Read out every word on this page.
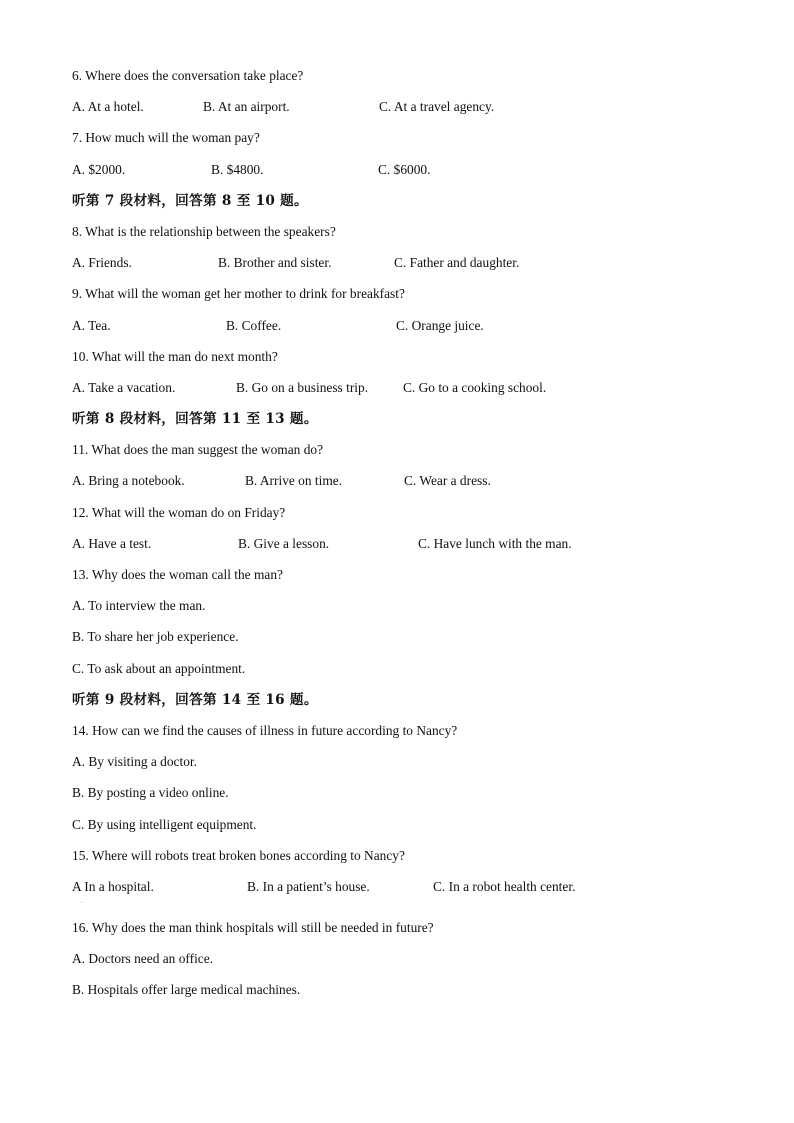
6. Where does the conversation take place?
A. At a hotel.	B. At an airport.	C. At a travel agency.
7. How much will the woman pay?
A. $2000.	B. $4800.	C. $6000.
听第 7 段材料，回答第 8 至 10 题。
8. What is the relationship between the speakers?
A. Friends.	B. Brother and sister.	C. Father and daughter.
9. What will the woman get her mother to drink for breakfast?
A. Tea.	B. Coffee.	C. Orange juice.
10. What will the man do next month?
A. Take a vacation.	B. Go on a business trip.	C. Go to a cooking school.
听第 8 段材料，回答第 11 至 13 题。
11. What does the man suggest the woman do?
A. Bring a notebook.	B. Arrive on time.	C. Wear a dress.
12. What will the woman do on Friday?
A. Have a test.	B. Give a lesson.	C. Have lunch with the man.
13. Why does the woman call the man?
A. To interview the man.
B. To share her job experience.
C. To ask about an appointment.
听第 9 段材料，回答第 14 至 16 题。
14. How can we find the causes of illness in future according to Nancy?
A. By visiting a doctor.
B. By posting a video online.
C. By using intelligent equipment.
15. Where will robots treat broken bones according to Nancy?
A In a hospital.	B. In a patient’s house.	C. In a robot health center.
.
16. Why does the man think hospitals will still be needed in future?
A. Doctors need an office.
B. Hospitals offer large medical machines.
